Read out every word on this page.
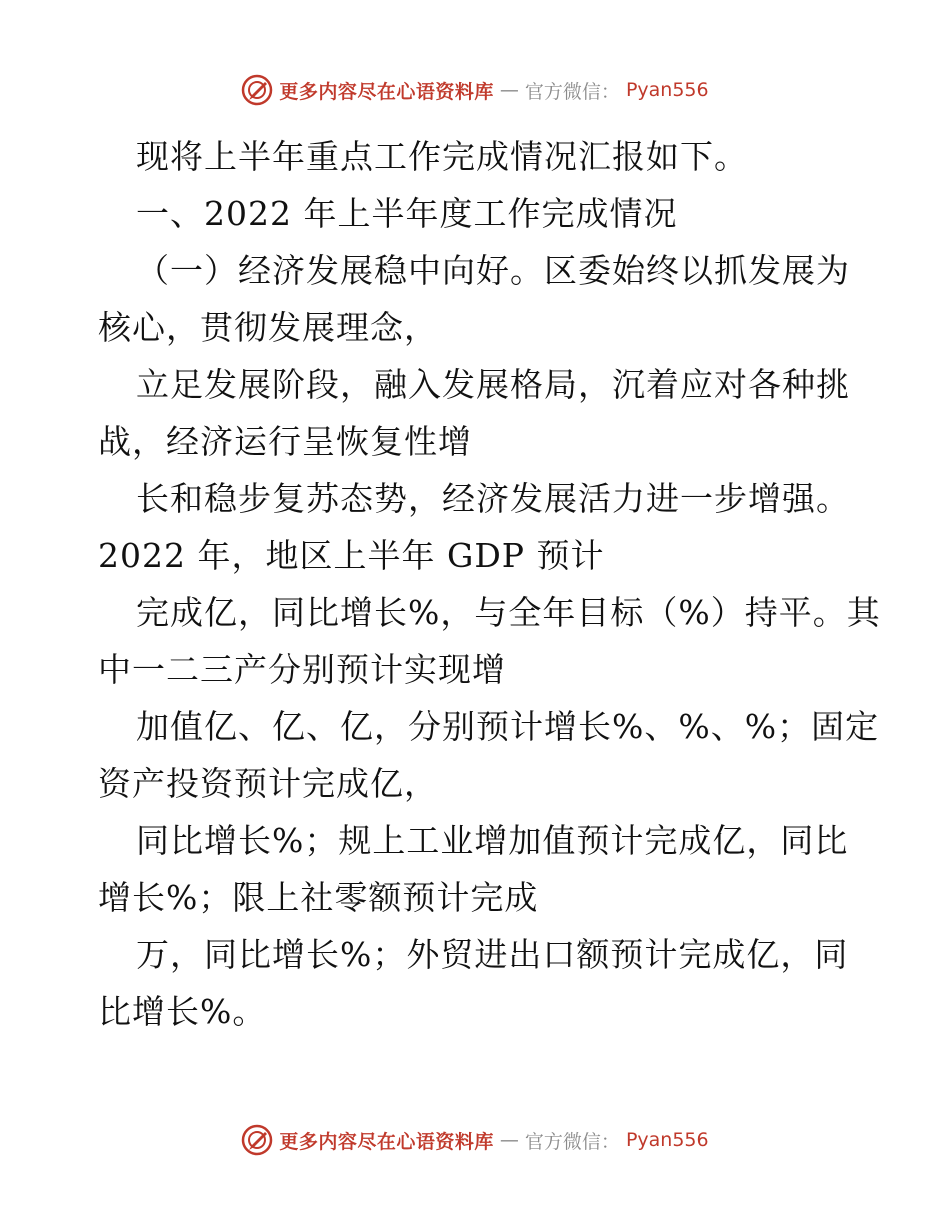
更多内容尽在心语资料库 — 官方微信： Pyan556
现将上半年重点工作完成情况汇报如下。
一、2022 年上半年度工作完成情况
（一）经济发展稳中向好。区委始终以抓发展为
核心，贯彻发展理念，
立足发展阶段，融入发展格局，沉着应对各种挑
战，经济运行呈恢复性增
长和稳步复苏态势，经济发展活力进一步增强。
2022 年，地区上半年 GDP 预计
完成亿，同比增长%，与全年目标（%）持平。其
中一二三产分别预计实现增
加值亿、亿、亿，分别预计增长%、%、%；固定
资产投资预计完成亿，
同比增长%；规上工业增加值预计完成亿，同比
增长%；限上社零额预计完成
万，同比增长%；外贸进出口额预计完成亿，同
比增长%。
更多内容尽在心语资料库 — 官方微信： Pyan556
